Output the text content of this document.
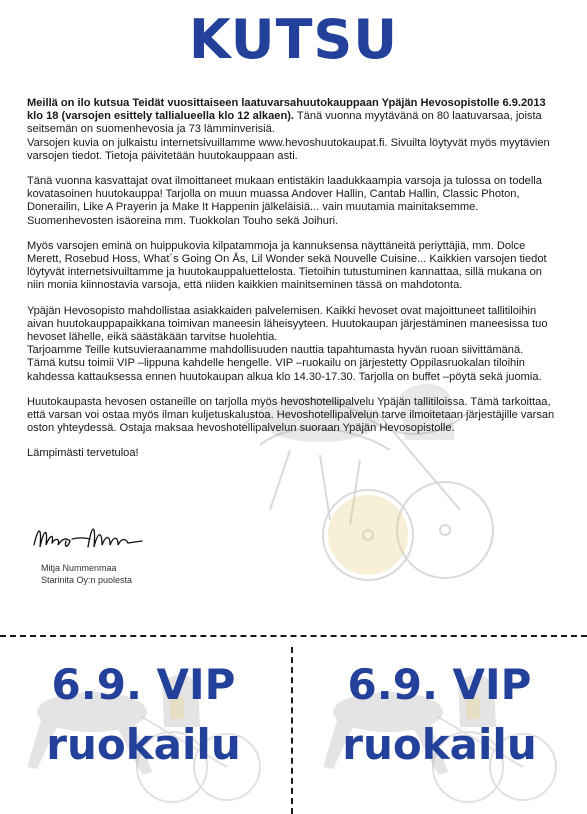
KUTSU

Meillä on ilo kutsua Teidät vuosittaiseen laatuvarsahuutokauppaan Ypäjän Hevosopistolle 6.9.2013 klo 18 (varsojen esittely tallialueella klo 12 alkaen). Tänä vuonna myytävänä on 80 laatuvarsaa, joista seitsemän on suomenhevosia ja 73 lämminverisiä.
Varsojen kuvia on julkaistu internetsivuillamme www.hevoshuutokaupat.fi. Sivuilta löytyvät myös myytävien varsojen tiedot. Tietoja päivitetään huutokauppaan asti.

Tänä vuonna kasvattajat ovat ilmoittaneet mukaan entistäkin laadukkaampia varsoja ja tulossa on todella kovatasoinen huutokauppa! Tarjolla on muun muassa Andover Hallin, Cantab Hallin, Classic Photon, Donerailin, Like A Prayerin ja Make It Happenin jälkeläisiä... vain muutamia mainitaksemme. Suomenhevosten isäoreina mm. Tuokkolan Touho sekä Joihuri.

Myös varsojen eminä on huippukovia kilpatammoja ja kannuksensa näyttäneitä periyttäjiä, mm. Dolce Merett, Rosebud Hoss, What´s Going On Ås, Lil Wonder sekä Nouvelle Cuisine... Kaikkien varsojen tiedot löytyvät internetsivuiltamme ja huutokauppaluettelosta. Tietoihin tutustuminen kannattaa, sillä mukana on niin monia kiinnostavia varsoja, että niiden kaikkien mainitseminen tässä on mahdotonta.

Ypäjän Hevosopisto mahdollistaa asiakkaiden palvelemisen. Kaikki hevoset ovat majoittuneet tallitiloihin aivan huutokauppapaikkana toimivan maneesin läheisyyteen. Huutokaupan järjestäminen maneesissa tuo hevoset lähelle, eikä säästäkään tarvitse huolehtia.
Tarjoamme Teille kutsuvieraanamme mahdollisuuden nauttia tapahtumasta hyvän ruoan siivittämänä.
Tämä kutsu toimii VIP –lippuna kahdelle hengelle. VIP –ruokailu on järjestetty Oppilasruokalan tiloihin kahdessa kattauksessa ennen huutokaupan alkua klo 14.30-17.30. Tarjolla on buffet –pöytä sekä juomia.

Huutokaupasta hevosen ostaneille on tarjolla myös hevoshotellipalvelu Ypäjän tallitiloissa. Tämä tarkoittaa, että varsan voi ostaa myös ilman kuljetuskalustoa. Hevoshotellipalvelun tarve ilmoitetaan järjestäjille varsan oston yhteydessä. Ostaja maksaa hevoshotellipalvelun suoraan Ypäjän Hevosopistolle.

Lämpimästi tervetuloa!

Mitja Nummenmaa
Starinita Oy:n puolesta
6.9. VIP
ruokailu
6.9. VIP
ruokailu
